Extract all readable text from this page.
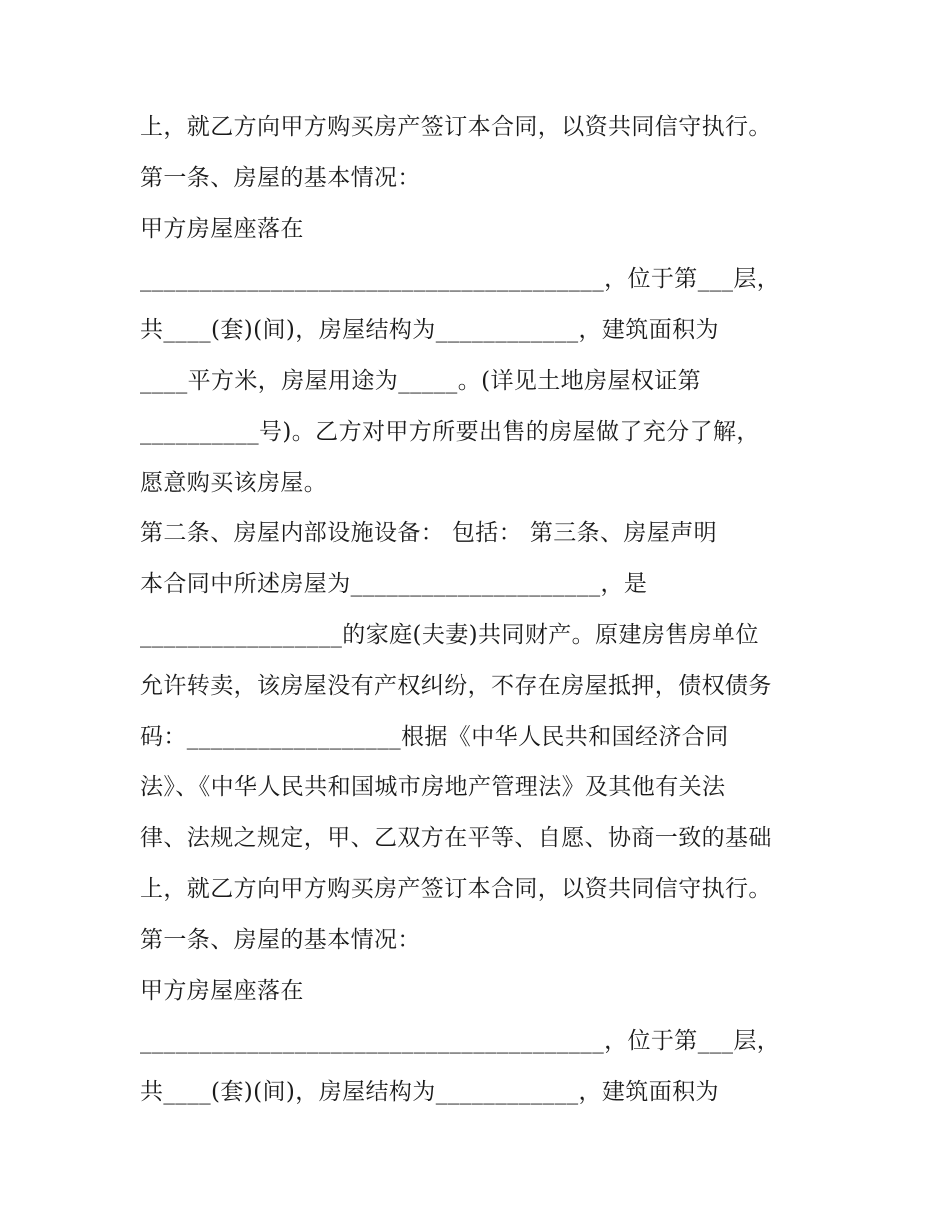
上，就乙方向甲方购买房产签订本合同，以资共同信守执行。
第一条、房屋的基本情况：
甲方房屋座落在
_______________________________________，位于第___层，
共____(套)(间)，房屋结构为____________，建筑面积为
____平方米，房屋用途为_____。(详见土地房屋权证第
__________号)。乙方对甲方所要出售的房屋做了充分了解，
愿意购买该房屋。
第二条、房屋内部设施设备： 包括： 第三条、房屋声明
本合同中所述房屋为_____________________，是
_________________的家庭(夫妻)共同财产。原建房售房单位
允许转卖，该房屋没有产权纠纷，不存在房屋抵押，债权债务
码：__________________根据《中华人民共和国经济合同
法》、《中华人民共和国城市房地产管理法》及其他有关法
律、法规之规定，甲、乙双方在平等、自愿、协商一致的基础
上，就乙方向甲方购买房产签订本合同，以资共同信守执行。
第一条、房屋的基本情况：
甲方房屋座落在
_______________________________________，位于第___层，
共____(套)(间)，房屋结构为____________，建筑面积为
